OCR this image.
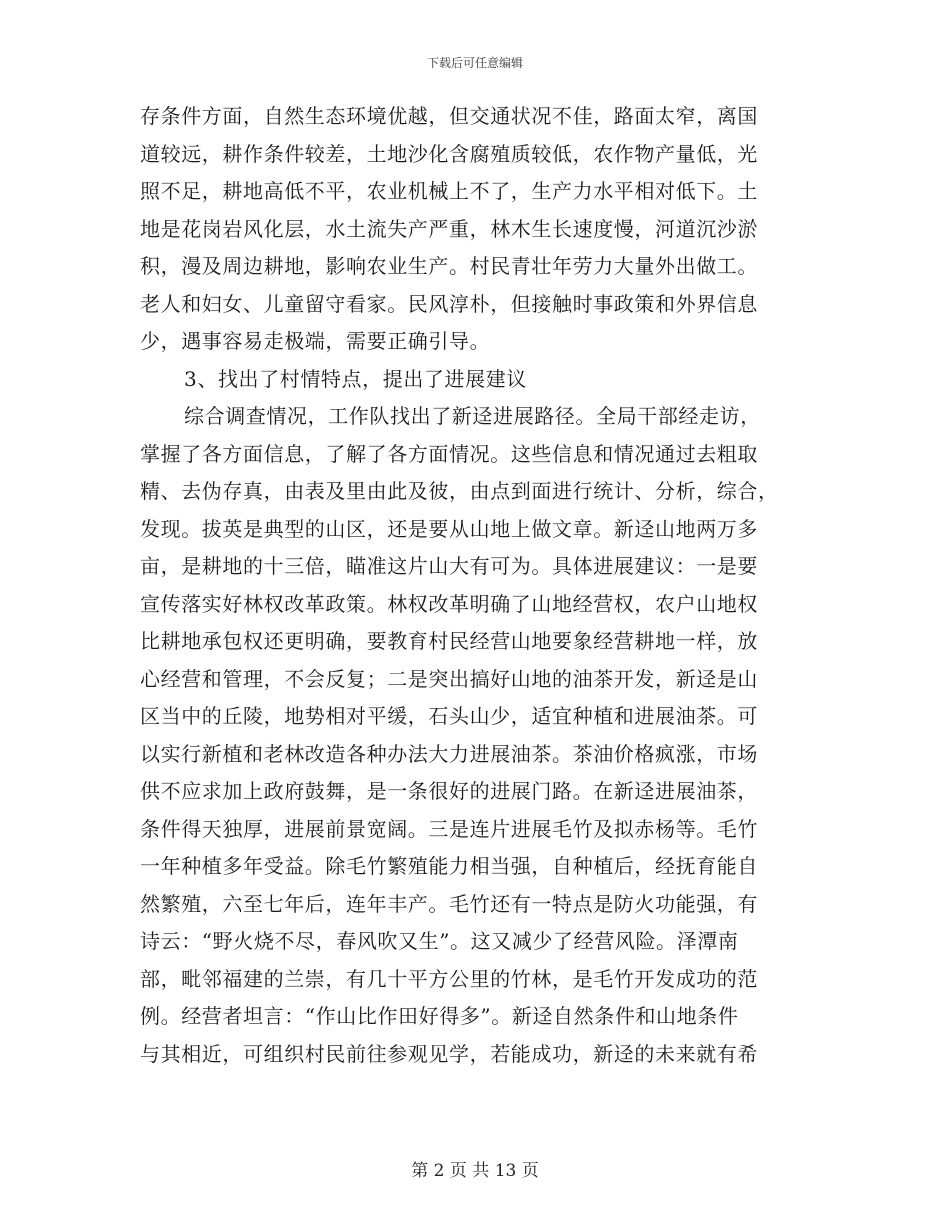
下载后可任意编辑
存条件方面，自然生态环境优越，但交通状况不佳，路面太窄，离国
道较远，耕作条件较差，土地沙化含腐殖质较低，农作物产量低，光
照不足，耕地高低不平，农业机械上不了，生产力水平相对低下。土
地是花岗岩风化层，水土流失产严重，林木生长速度慢，河道沉沙淤
积，漫及周边耕地，影响农业生产。村民青壮年劳力大量外出做工。
老人和妇女、儿童留守看家。民风淳朴，但接触时事政策和外界信息
少，遇事容易走极端，需要正确引导。
3、找出了村情特点，提出了进展建议
综合调查情况，工作队找出了新迳进展路径。全局干部经走访，
掌握了各方面信息，了解了各方面情况。这些信息和情况通过去粗取
精、去伪存真，由表及里由此及彼，由点到面进行统计、分析，综合，
发现。拔英是典型的山区，还是要从山地上做文章。新迳山地两万多
亩，是耕地的十三倍，瞄准这片山大有可为。具体进展建议：一是要
宣传落实好林权改革政策。林权改革明确了山地经营权，农户山地权
比耕地承包权还更明确，要教育村民经营山地要象经营耕地一样，放
心经营和管理，不会反复；二是突出搞好山地的油茶开发，新迳是山
区当中的丘陵，地势相对平缓，石头山少，适宜种植和进展油茶。可
以实行新植和老林改造各种办法大力进展油茶。茶油价格疯涨，市场
供不应求加上政府鼓舞，是一条很好的进展门路。在新迳进展油茶，
条件得天独厚，进展前景宽阔。三是连片进展毛竹及拟赤杨等。毛竹
一年种植多年受益。除毛竹繁殖能力相当强，自种植后，经抚育能自
然繁殖，六至七年后，连年丰产。毛竹还有一特点是防火功能强，有
诗云：“野火烧不尽，春风吹又生”。这又减少了经营风险。泽潭南
部，毗邻福建的兰崇，有几十平方公里的竹林，是毛竹开发成功的范
例。经营者坦言：“作山比作田好得多”。新迳自然条件和山地条件
与其相近，可组织村民前往参观见学，若能成功，新迳的未来就有希
第 2 页 共 13 页
